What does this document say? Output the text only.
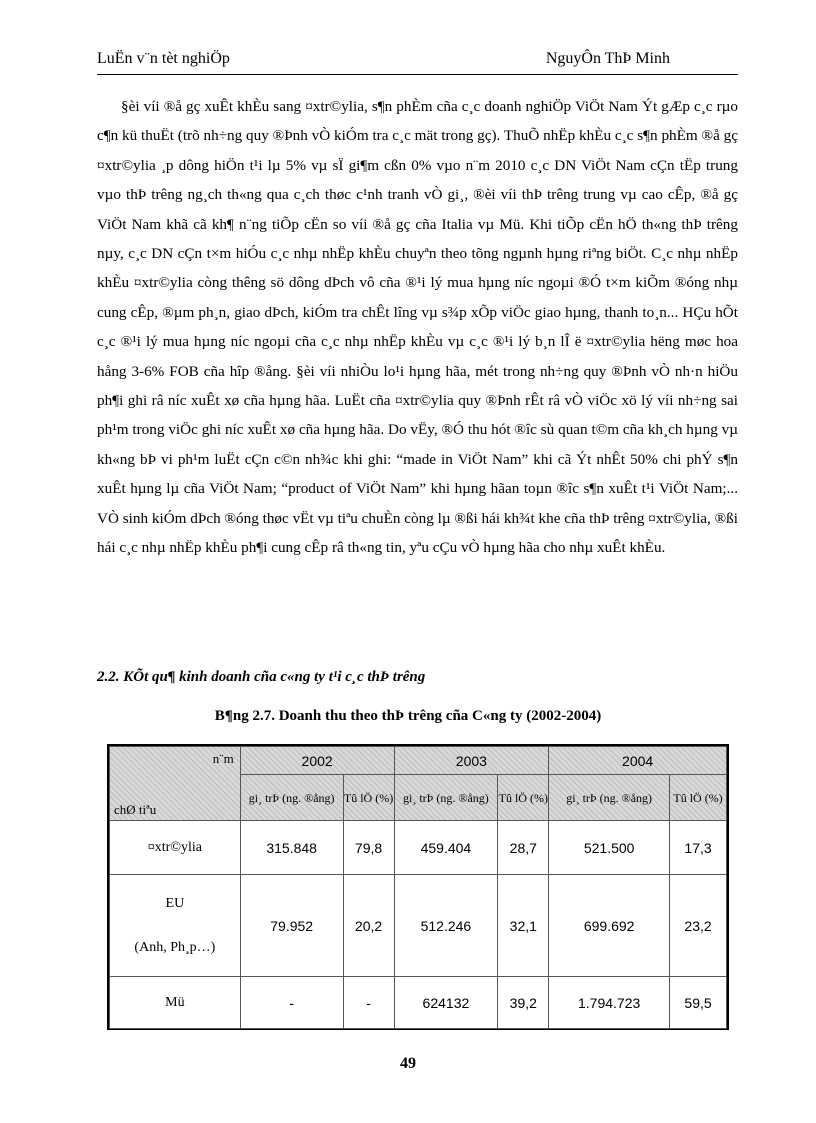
LuËn v¨n tèt nghiÖp	NguyÔn ThÞ Minh

§èi víi ®å gç xuÊt khÈu sang ¤xtr©ylia, s¶n phÈm cña c¸c doanh nghiÖp ViÖt Nam Ýt gÆp c¸c rµo c¶n kü thuËt (trõ nh÷ng quy ®Þnh vÒ kiÓm tra c¸c mät trong gç). ThuÕ nhËp khÈu c¸c s¶n phÈm ®å gç ¤xtr©ylia ¸p dông hiÖn t¹i lµ 5% vµ sÏ gi¶m cßn 0% vµo n¨m 2010 c¸c DN ViÖt Nam cÇn tËp trung vµo thÞ trêng ng¸ch th«ng qua c¸ch thøc c¹nh tranh vÒ gi¸, ®èi víi thÞ trêng trung vµ cao cÊp, ®å gç ViÖt Nam khã cã kh¶ n¨ng tiÕp cËn so víi ®å gç cña Italia vµ Mü. Khi tiÕp cËn hÖ th«ng thÞ trêng nµy, c¸c DN cÇn t×m hiÓu c¸c nhµ nhËp khÈu chuyªn theo tõng ngµnh hµng riªng biÖt. C¸c nhµ nhËp khÈu ¤xtr©ylia còng thêng sö dông dÞch vô cña ®¹i lý mua hµng níc ngoµi ®Ó t×m kiÕm ®óng nhµ cung cÊp, ®µm ph¸n, giao dÞch, kiÓm tra chÊt lîng vµ s¾p xÕp viÖc giao hµng, thanh to¸n... HÇu hÕt c¸c ®¹i lý mua hµng níc ngoµi cña c¸c nhµ nhËp khÈu vµ c¸c ®¹i lý b¸n lÎ ë ¤xtr©ylia hëng møc hoa hång 3-6% FOB cña hîp ®ång. §èi víi nhiÒu lo¹i hµng hãa, mét trong nh÷ng quy ®Þnh vÒ nh·n hiÖu ph¶i ghi râ níc xuÊt xø cña hµng hãa. LuËt cña ¤xtr©ylia quy ®Þnh rÊt râ vÒ viÖc xö lý víi nh÷ng sai ph¹m trong viÖc ghi níc xuÊt xø cña hµng hãa. Do vËy, ®Ó thu hót ®îc sù quan t©m cña kh¸ch hµng vµ kh«ng bÞ vi ph¹m luËt cÇn c©n nh¾c khi ghi: “made in ViÖt Nam” khi cã Ýt nhÊt 50% chi phÝ s¶n xuÊt hµng lµ cña ViÖt Nam; “product of ViÖt Nam” khi hµng hãan toµn ®îc s¶n xuÊt t¹i ViÖt Nam;... VÒ sinh kiÓm dÞch ®óng thøc vËt vµ tiªu chuÈn còng lµ ®ßi hái kh¾t khe cña thÞ trêng ¤xtr©ylia, ®ßi hái c¸c nhµ nhËp khÈu ph¶i cung cÊp râ th«ng tin, yªu cÇu vÒ hµng hãa cho nhµ xuÊt khÈu.

2.2. KÕt qu¶ kinh doanh cña c«ng ty t¹i c¸c thÞ trêng
B¶ng 2.7. Doanh thu theo thÞ trêng cña C«ng ty (2002-2004)
n¨m
chØ tiªu	2002		2003		2004	
	gi¸ trÞ (ng. ®ång)	Tû lÖ (%)	gi¸ trÞ (ng. ®ång)	Tû lÖ (%)	gi¸ trÞ (ng. ®ång)	Tû lÖ (%)
¤xtr©ylia	315.848	79,8	459.404	28,7	521.500	17,3

EU
(Anh, Ph¸p…)	79.952	20,2	512.246	32,1	699.692	23,2
Mü	-	-	624132	39,2	1.794.723	59,5
49
